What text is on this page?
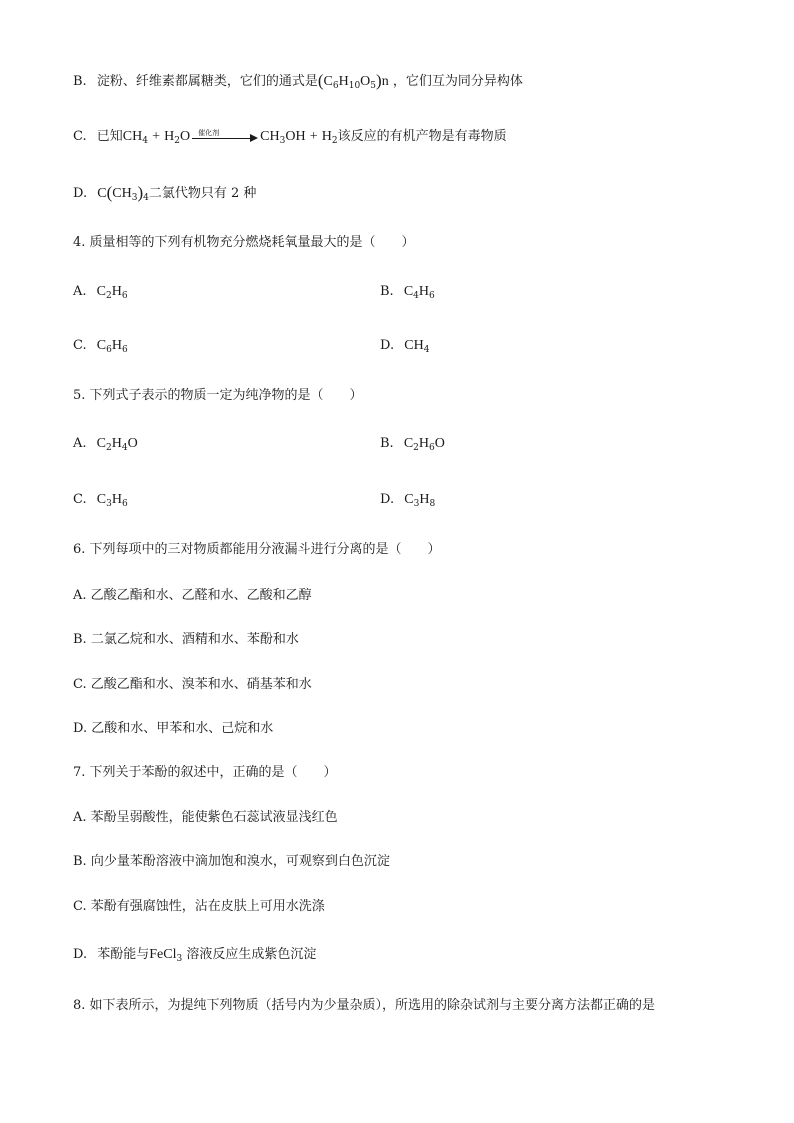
B. 淀粉、纤维素都属糖类，它们的通式是$(C_6H_{10}O_5)n$ ，它们互为同分异构体
C. 已知$CH_4 + H_2O$ 催化剂	$CH_3OH + H_2$该反应的有机产物是有毒物质
D. $C(CH_3)_4$二氯代物只有 2 种
4. 质量相等的下列有机物充分燃烧耗氧量最大的是（　　）
A. $C_2H_6$	B. $C_4H_6$
C. $C_6H_6$	D. $CH_4$
5. 下列式子表示的物质一定为纯净物的是（　　）
A. $C_2H_4O$	B. $C_2H_6O$
C. $C_3H_6$	D. $C_3H_8$
6. 下列每项中的三对物质都能用分液漏斗进行分离的是（　　）
A. 乙酸乙酯和水、乙醛和水、乙酸和乙醇
B. 二氯乙烷和水、酒精和水、苯酚和水
C. 乙酸乙酯和水、溴苯和水、硝基苯和水
D. 乙酸和水、甲苯和水、己烷和水
7. 下列关于苯酚的叙述中，正确的是（　　）
A. 苯酚呈弱酸性，能使紫色石蕊试液显浅红色
B. 向少量苯酚溶液中滴加饱和溴水，可观察到白色沉淀
C. 苯酚有强腐蚀性，沾在皮肤上可用水洗涤
D. 苯酚能与FeCl$_3$ 溶液反应生成紫色沉淀
8. 如下表所示，为提纯下列物质（括号内为少量杂质），所选用的除杂试剂与主要分离方法都正确的是
